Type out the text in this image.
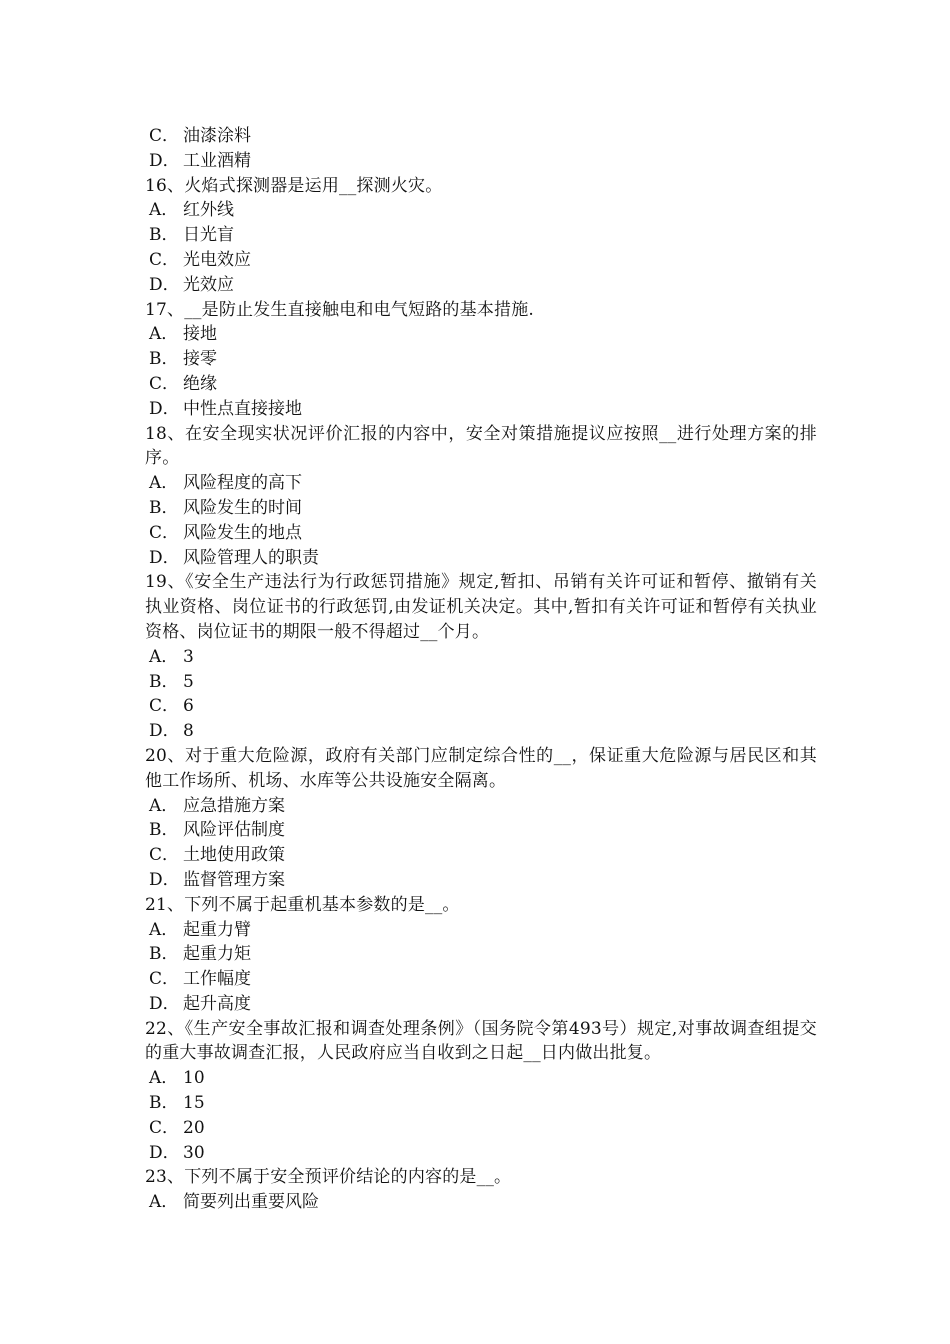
C． 油漆涂料
D． 工业酒精
16、火焰式探测器是运用__探测火灾。
A． 红外线
B． 日光盲
C． 光电效应
D． 光效应
17、__是防止发生直接触电和电气短路的基本措施.
A． 接地
B． 接零
C． 绝缘
D． 中性点直接接地
18、在安全现实状况评价汇报的内容中，安全对策措施提议应按照__进行处理方案的排序。
A． 风险程度的高下
B． 风险发生的时间
C． 风险发生的地点
D． 风险管理人的职责
19、《安全生产违法行为行政惩罚措施》规定,暂扣、吊销有关许可证和暂停、撤销有关执业资格、岗位证书的行政惩罚,由发证机关决定。其中,暂扣有关许可证和暂停有关执业资格、岗位证书的期限一般不得超过__个月。
A． 3
B． 5
C． 6
D． 8
20、对于重大危险源，政府有关部门应制定综合性的__，保证重大危险源与居民区和其他工作场所、机场、水库等公共设施安全隔离。
A． 应急措施方案
B． 风险评估制度
C． 土地使用政策
D． 监督管理方案
21、下列不属于起重机基本参数的是__。
A． 起重力臂
B． 起重力矩
C． 工作幅度
D． 起升高度
22、《生产安全事故汇报和调查处理条例》（国务院令第493号）规定,对事故调查组提交的重大事故调查汇报，人民政府应当自收到之日起__日内做出批复。
A． 10
B． 15
C． 20
D． 30
23、下列不属于安全预评价结论的内容的是__。
A． 简要列出重要风险
